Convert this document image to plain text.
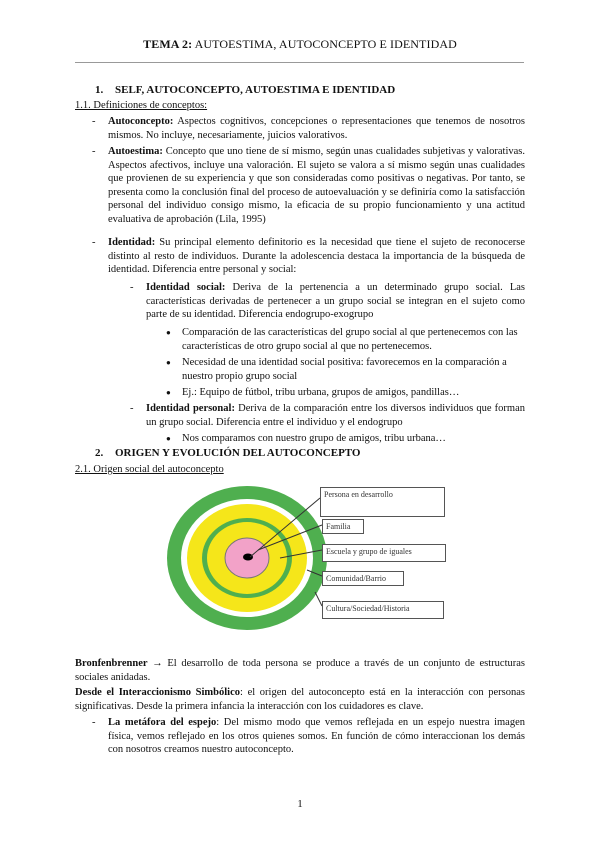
TEMA 2: AUTOESTIMA, AUTOCONCEPTO E IDENTIDAD
1. SELF, AUTOCONCEPTO, AUTOESTIMA E IDENTIDAD
1.1. Definiciones de conceptos:
- Autoconcepto: Aspectos cognitivos, concepciones o representaciones que tenemos de nosotros mismos. No incluye, necesariamente, juicios valorativos.

- Autoestima: Concepto que uno tiene de sí mismo, según unas cualidades subjetivas y valorativas. Aspectos afectivos, incluye una valoración. El sujeto se valora a sí mismo según unas cualidades que provienen de su experiencia y que son consideradas como positivas o negativas. Por tanto, se presenta como la conclusión final del proceso de autoevaluación y se definiría como la satisfacción personal del individuo consigo mismo, la eficacia de su propio funcionamiento y una actitud evaluativa de aprobación (Lila, 1995)

- Identidad: Su principal elemento definitorio es la necesidad que tiene el sujeto de reconocerse distinto al resto de individuos. Durante la adolescencia destaca la importancia de la búsqueda de identidad. Diferencia entre personal y social:

- Identidad social: Deriva de la pertenencia a un determinado grupo social. Las características derivadas de pertenecer a un grupo social se integran en el sujeto como parte de su identidad. Diferencia endogrupo-exogrupo

● Comparación de las características del grupo social al que pertenecemos con las características de otro grupo social al que no pertenecemos.

● Necesidad de una identidad social positiva: favorecemos en la comparación a nuestro propio grupo social

● Ej.: Equipo de fútbol, tribu urbana, grupos de amigos, pandillas…

- Identidad personal: Deriva de la comparación entre los diversos individuos que forman un grupo social. Diferencia entre el individuo y el endogrupo

● Nos comparamos con nuestro grupo de amigos, tribu urbana…

2. ORIGEN Y EVOLUCIÓN DEL AUTOCONCEPTO
2.1. Origen social del autoconcepto
Persona en desarrollo
Familia
Escuela y grupo de iguales
Comunidad/Barrio
Cultura/Sociedad/Historia

Bronfenbrenner → El desarrollo de toda persona se produce a través de un conjunto de estructuras sociales anidadas.

Desde el Interaccionismo Simbólico: el origen del autoconcepto está en la interacción con personas significativas. Desde la primera infancia la interacción con los cuidadores es clave.

- La metáfora del espejo: Del mismo modo que vemos reflejada en un espejo nuestra imagen física, vemos reflejado en los otros quienes somos. En función de cómo interaccionan los demás con nosotros creamos nuestro autoconcepto.

1
